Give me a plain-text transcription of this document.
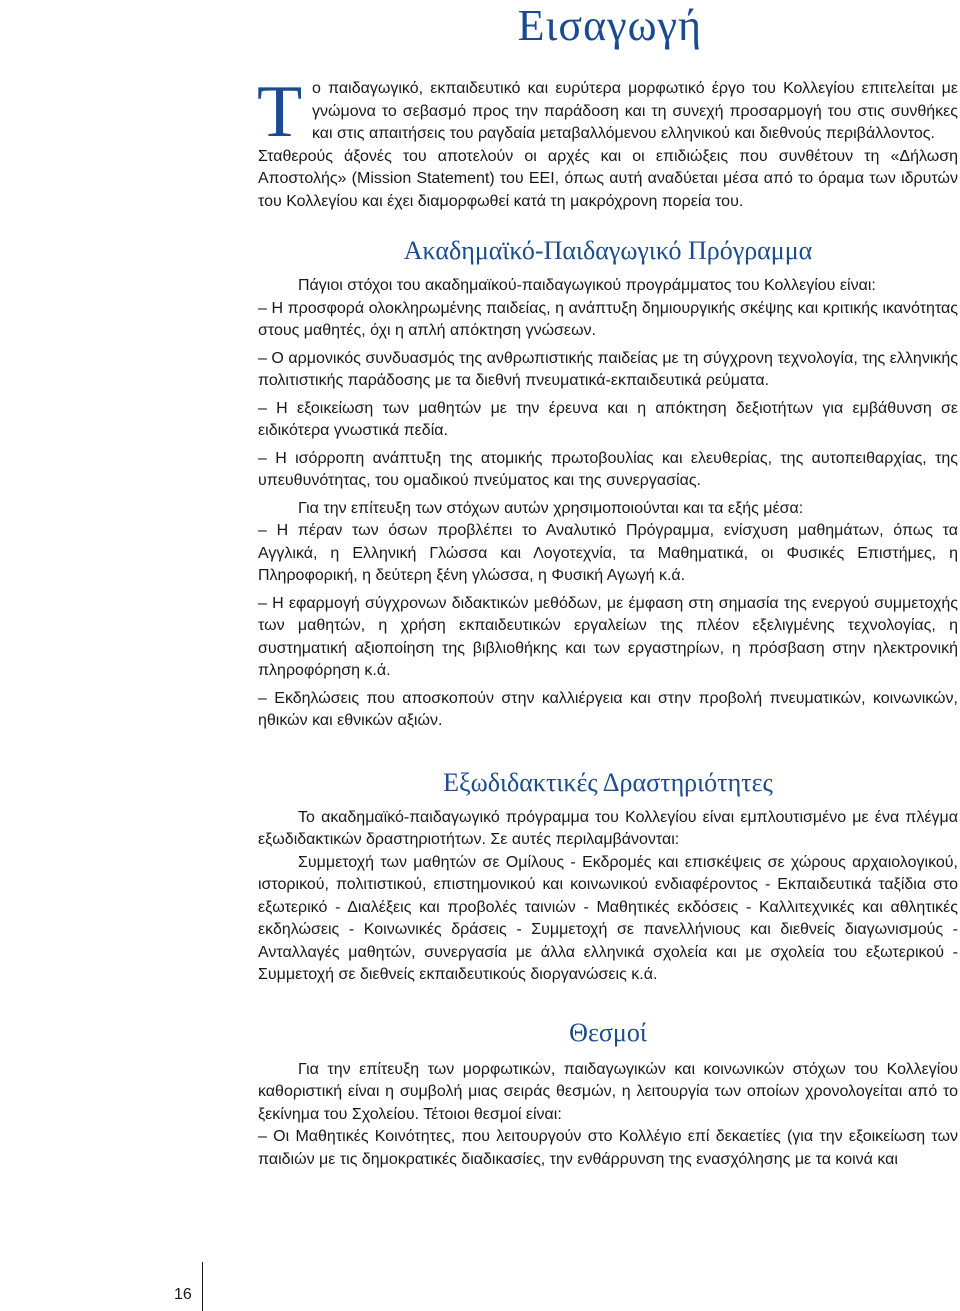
Εισαγωγή
Τ ο παιδαγωγικό, εκπαιδευτικό και ευρύτερα μορφωτικό έργο του Κολλεγίου επιτελείται με γνώμονα το σεβασμό προς την παράδοση και τη συνεχή προσαρμογή του στις συνθήκες και στις απαιτήσεις του ραγδαία μεταβαλλόμενου ελληνικού και διεθνούς περιβάλλοντος.

Σταθερούς άξονές του αποτελούν οι αρχές και οι επιδιώξεις που συνθέτουν τη «Δήλωση Αποστολής» (Mission Statement) του ΕΕΙ, όπως αυτή αναδύεται μέσα από το όραμα των ιδρυτών του Κολλεγίου και έχει διαμορφωθεί κατά τη μακρόχρονη πορεία του.

Ακαδημαϊκό-Παιδαγωγικό Πρόγραμμα

Πάγιοι στόχοι του ακαδημαϊκού-παιδαγωγικού προγράμματος του Κολλεγίου είναι:

– Η προσφορά ολοκληρωμένης παιδείας, η ανάπτυξη δημιουργικής σκέψης και κριτικής ικανότητας στους μαθητές, όχι η απλή απόκτηση γνώσεων.

– Ο αρμονικός συνδυασμός της ανθρωπιστικής παιδείας με τη σύγχρονη τεχνολογία, της ελληνικής πολιτιστικής παράδοσης με τα διεθνή πνευματικά-εκπαιδευτικά ρεύματα.

– Η εξοικείωση των μαθητών με την έρευνα και η απόκτηση δεξιοτήτων για εμβάθυνση σε ειδικότερα γνωστικά πεδία.

– Η ισόρροπη ανάπτυξη της ατομικής πρωτοβουλίας και ελευθερίας, της αυτοπειθαρχίας, της υπευθυνότητας, του ομαδικού πνεύματος και της συνεργασίας.

Για την επίτευξη των στόχων αυτών χρησιμοποιούνται και τα εξής μέσα:

– Η πέραν των όσων προβλέπει το Αναλυτικό Πρόγραμμα, ενίσχυση μαθημάτων, όπως τα Αγγλικά, η Ελληνική Γλώσσα και Λογοτεχνία, τα Μαθηματικά, οι Φυσικές Επιστήμες, η Πληροφορική, η δεύτερη ξένη γλώσσα, η Φυσική Αγωγή κ.ά.

– Η εφαρμογή σύγχρονων διδακτικών μεθόδων, με έμφαση στη σημασία της ενεργού συμμετοχής των μαθητών, η χρήση εκπαιδευτικών εργαλείων της πλέον εξελιγμένης τεχνολογίας, η συστηματική αξιοποίηση της βιβλιοθήκης και των εργαστηρίων, η πρόσβαση στην ηλεκτρονική πληροφόρηση κ.ά.

– Εκδηλώσεις που αποσκοπούν στην καλλιέργεια και στην προβολή πνευματικών, κοινωνικών, ηθικών και εθνικών αξιών.

Εξωδιδακτικές Δραστηριότητες

Το ακαδημαϊκό-παιδαγωγικό πρόγραμμα του Κολλεγίου είναι εμπλουτισμένο με ένα πλέγμα εξωδιδακτικών δραστηριοτήτων. Σε αυτές περιλαμβάνονται:

Συμμετοχή των μαθητών σε Ομίλους - Εκδρομές και επισκέψεις σε χώρους αρχαιολογικού, ιστορικού, πολιτιστικού, επιστημονικού και κοινωνικού ενδιαφέροντος - Εκπαιδευτικά ταξίδια στο εξωτερικό - Διαλέξεις και προβολές ταινιών - Μαθητικές εκδόσεις - Καλλιτεχνικές και αθλητικές εκδηλώσεις - Κοινωνικές δράσεις - Συμμετοχή σε πανελλήνιους και διεθνείς διαγωνισμούς - Ανταλλαγές μαθητών, συνεργασία με άλλα ελληνικά σχολεία και με σχολεία του εξωτερικού - Συμμετοχή σε διεθνείς εκπαιδευτικούς διοργανώσεις κ.ά.

Θεσμοί

Για την επίτευξη των μορφωτικών, παιδαγωγικών και κοινωνικών στόχων του Κολλεγίου καθοριστική είναι η συμβολή μιας σειράς θεσμών, η λειτουργία των οποίων χρονολογείται από το ξεκίνημα του Σχολείου. Τέτοιοι θεσμοί είναι:

– Οι Μαθητικές Κοινότητες, που λειτουργούν στο Κολλέγιο επί δεκαετίες (για την εξοικείωση των παιδιών με τις δημοκρατικές διαδικασίες, την ενθάρρυνση της ενασχόλησης με τα κοινά και

16
